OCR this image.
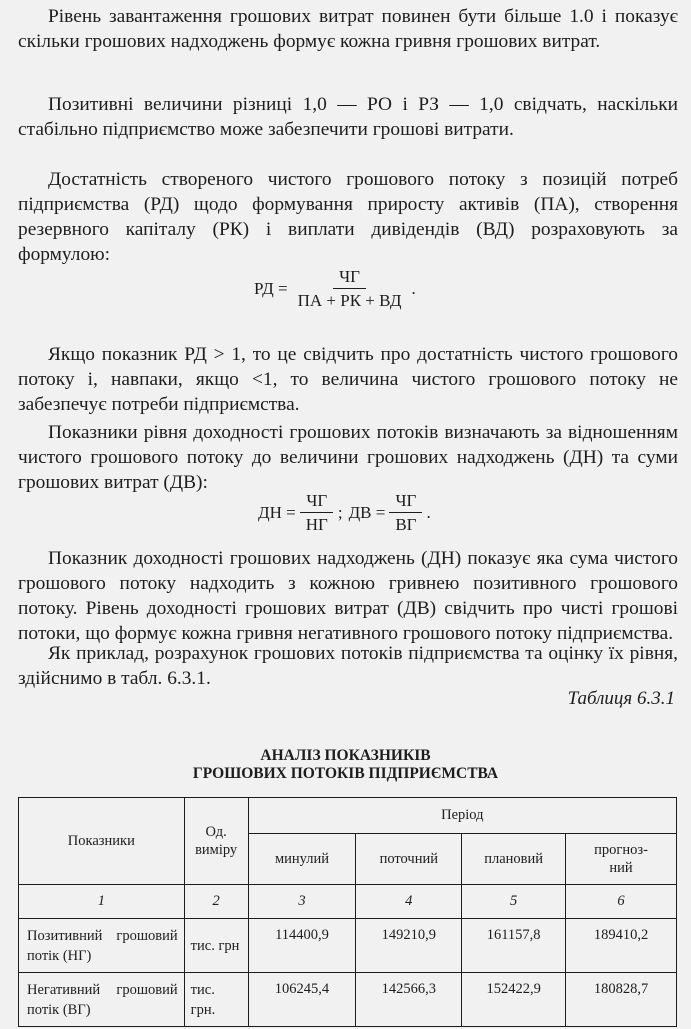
Рівень завантаження грошових витрат повинен бути більше 1.0 і показує скільки грошових надходжень формує кожна гривня грошових витрат.
Позитивні величини різниці 1,0 — РО і РЗ — 1,0 свідчать, наскільки стабільно підприємство може забезпечити грошові витрати.
Достатність створеного чистого грошового потоку з позицій потреб підприємства (РД) щодо формування приросту активів (ПА), створення резервного капіталу (РК) і виплати дивідендів (ВД) розраховують за формулою:
РД = $\frac{ЧГ}{ПА + РК + ВД}$ .
Якщо показник РД > 1, то це свідчить про достатність чистого грошового потоку і, навпаки, якщо <1, то величина чистого грошового потоку не забезпечує потреби підприємства.
Показники рівня доходності грошових потоків визначають за відношенням чистого грошового потоку до величини грошових надходжень (ДН) та суми грошових витрат (ДВ):
ДН = $\frac{ЧГ}{НГ}$ ; ДВ = $\frac{ЧГ}{ВГ}$ .
Показник доходності грошових надходжень (ДН) показує яка сума чистого грошового потоку надходить з кожною гривнею позитивного грошового потоку. Рівень доходності грошових витрат (ДВ) свідчить про чисті грошові потоки, що формує кожна гривня негативного грошового потоку підприємства.
Як приклад, розрахунок грошових потоків підприємства та оцінку їх рівня, здійснимо в табл. 6.3.1.
Таблиця 6.3.1
АНАЛІЗ ПОКАЗНИКІВ
ГРОШОВИХ ПОТОКІВ ПІДПРИЄМСТВА
Показники	Од. виміру	Період			
		минулий	поточний	плановий	прогноз-ний
1	2	3	4	5	6
Позитивний грошовий потік (НГ)	тис. грн	114400,9	149210,9	161157,8	189410,2
Негативний грошовий потік (ВГ)	тис. грн.	106245,4	142566,3	152422,9	180828,7
